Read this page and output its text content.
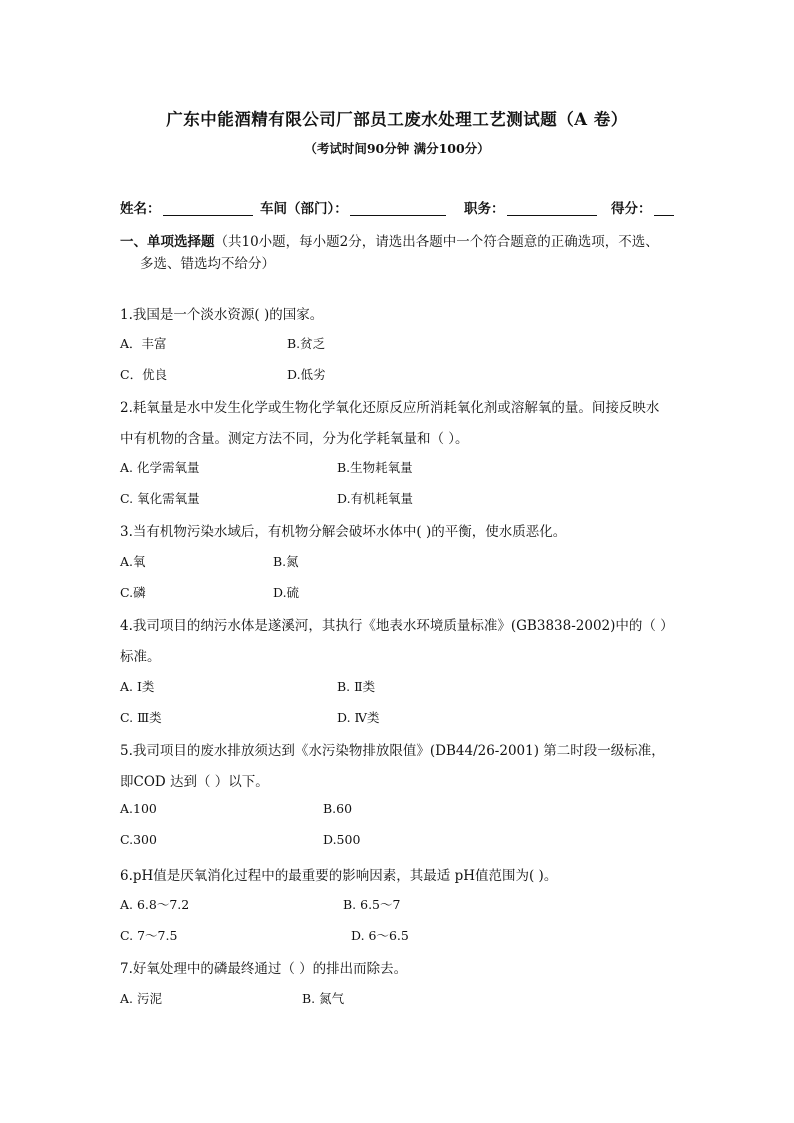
广东中能酒精有限公司厂部员工废水处理工艺测试题（A 卷）
（考试时间90分钟 满分100分）
姓名：	车间（部门）：	职务：	得分：
一、单项选择题（共10小题，每小题2分，请选出各题中一个符合题意的正确选项，不选、
多选、错选均不给分）
1.我国是一个淡水资源( )的国家。
A．丰富	B.贫乏
C．优良	D.低劣
2.耗氧量是水中发生化学或生物化学氧化还原反应所消耗氧化剂或溶解氧的量。间接反映水
中有机物的含量。测定方法不同，分为化学耗氧量和（ ）。
A. 化学需氧量	B.生物耗氧量
C. 氧化需氧量	D.有机耗氧量
3.当有机物污染水域后，有机物分解会破坏水体中( )的平衡，使水质恶化。
A.氧	B.氮
C.磷	D.硫
4.我司项目的纳污水体是遂溪河，其执行《地表水环境质量标准》(GB3838-2002)中的（ ）
标准。
A. Ⅰ类	B. Ⅱ类
C. Ⅲ类	D. Ⅳ类
5.我司项目的废水排放须达到《水污染物排放限值》(DB44/26-2001) 第二时段一级标准，
即COD 达到（ ）以下。
A.100	B.60
C.300	D.500
6.pH值是厌氧消化过程中的最重要的影响因素，其最适 pH值范围为( )。
A. 6.8～7.2	B. 6.5～7
C. 7～7.5	D. 6～6.5
7.好氧处理中的磷最终通过（ ）的排出而除去。
A. 污泥	B. 氮气
